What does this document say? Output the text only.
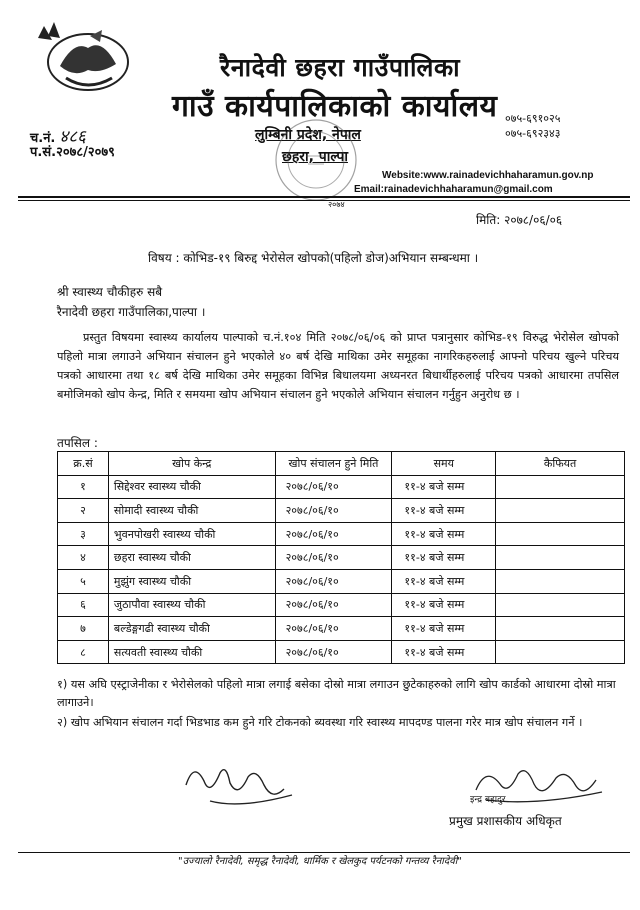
रैनादेवी छहरा गाउँपालिका
गाउँ कार्यपालिकाको कार्यालय
लुम्बिनी प्रदेश, नेपाल
छहरा, पाल्पा
०७५-६९१०२५
०७५-६९२३४३
च.नं. ४८६
प.सं.२०७८/२०७९
२०७४
Website:www.rainadevichhaharamun.gov.np
Email:rainadevichhaharamun@gmail.com
मिति: २०७८/०६/०६
विषय : कोभिड-१९ बिरुद्द भेरोसेल खोपको(पहिलो डोज)अभियान सम्बन्धमा ।
श्री स्वास्थ्य चौकीहरु सबै
रैनादेवी छहरा गाउँपालिका,पाल्पा ।
प्रस्तुत विषयमा स्वास्थ्य कार्यालय पाल्पाको च.नं.१०४ मिति २०७८/०६/०६ को प्राप्त पत्रानुसार कोभिड-१९ विरुद्ध भेरोसेल खोपको पहिलो मात्रा लगाउने अभियान संचालन हुने भएकोले ४० बर्ष देखि माथिका उमेर समूहका नागरिकहरुलाई आफ्नो परिचय खुल्ने परिचय पत्रको आधारमा तथा १८ बर्ष देखि माथिका उमेर समूहका विभिन्न बिधालयमा अध्यनरत बिधार्थीहरुलाई परिचय पत्रको आधारमा तपसिल बमोजिमको खोप केन्द्र, मिति र समयमा खोप अभियान संचालन हुने भएकोले अभियान संचालन गर्नुहुन अनुरोध छ ।
तपसिल :
क्र.सं	खोप केन्द्र	खोप संचालन हुने मिति	समय	कैफियत
१	सिद्देश्वर स्वास्थ्य चौकी	२०७८/०६/१०	११-४ बजे सम्म	
२	सोमादी स्वास्थ्य चौकी	२०७८/०६/१०	११-४ बजे सम्म	
३	भुवनपोखरी स्वास्थ्य चौकी	२०७८/०६/१०	११-४ बजे सम्म	
४	छहरा स्वास्थ्य चौकी	२०७८/०६/१०	११-४ बजे सम्म	
५	मुझुंग स्वास्थ्य चौकी	२०७८/०६/१०	११-४ बजे सम्म	
६	जुठापौवा स्वास्थ्य चौकी	२०७८/०६/१०	११-४ बजे सम्म	
७	बल्डेङ्गगढी स्वास्थ्य चौकी	२०७८/०६/१०	११-४ बजे सम्म	
८	सत्यवती स्वास्थ्य चौकी	२०७८/०६/१०	११-४ बजे सम्म	
१) यस अघि एस्ट्राजेनीका र भेरोसेलको पहिलो मात्रा लगाई बसेका दोस्रो मात्रा लगाउन छुटेकाहरुको लागि खोप कार्डको आधारमा दोस्रो मात्रा लागाउने।
२) खोप अभियान संचालन गर्दा भिडभाड कम हुने गरि टोकनको ब्यवस्था गरि स्वास्थ्य मापदण्ड पालना गरेर मात्र खोप संचालन गर्ने ।
इन्द्र बहादुर
प्रमुख प्रशासकीय अधिकृत
"उज्यालो रैनादेवी, समृद्ध रैनादेवी, धार्मिक र खेलकुद पर्यटनको गन्तव्य रैनादेवी"
